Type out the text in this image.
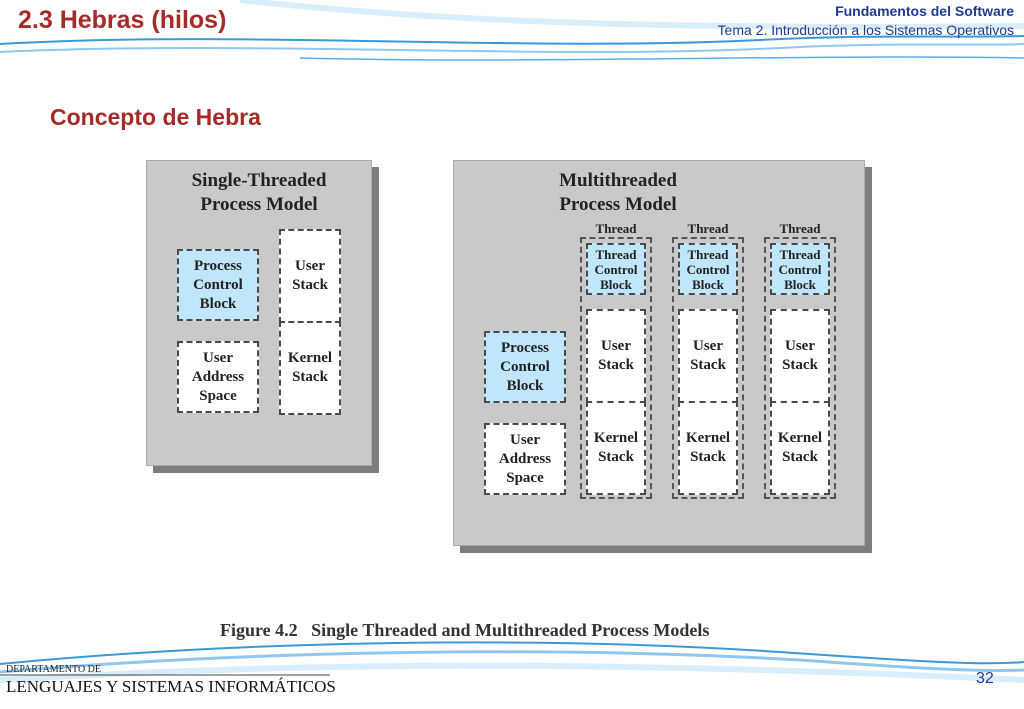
2.3 Hebras (hilos)	Fundamentos del Software
Tema 2. Introducción a los Sistemas Operativos
Concepto de Hebra
Single-Threaded
Process Model
Process
Control
Block
User
Address
Space
User
Stack
Kernel
Stack
Multithreaded
Process Model
Process
Control
Block
User
Address
Space
Thread
Thread
Control
Block
User
Stack
Kernel
Stack
Thread
Thread
Control
Block
User
Stack
Kernel
Stack
Thread
Thread
Control
Block
User
Stack
Kernel
Stack
Figure 4.2   Single Threaded and Multithreaded Process Models
DEPARTAMENTO DE
LENGUAJES Y SISTEMAS INFORMÁTICOS	32
